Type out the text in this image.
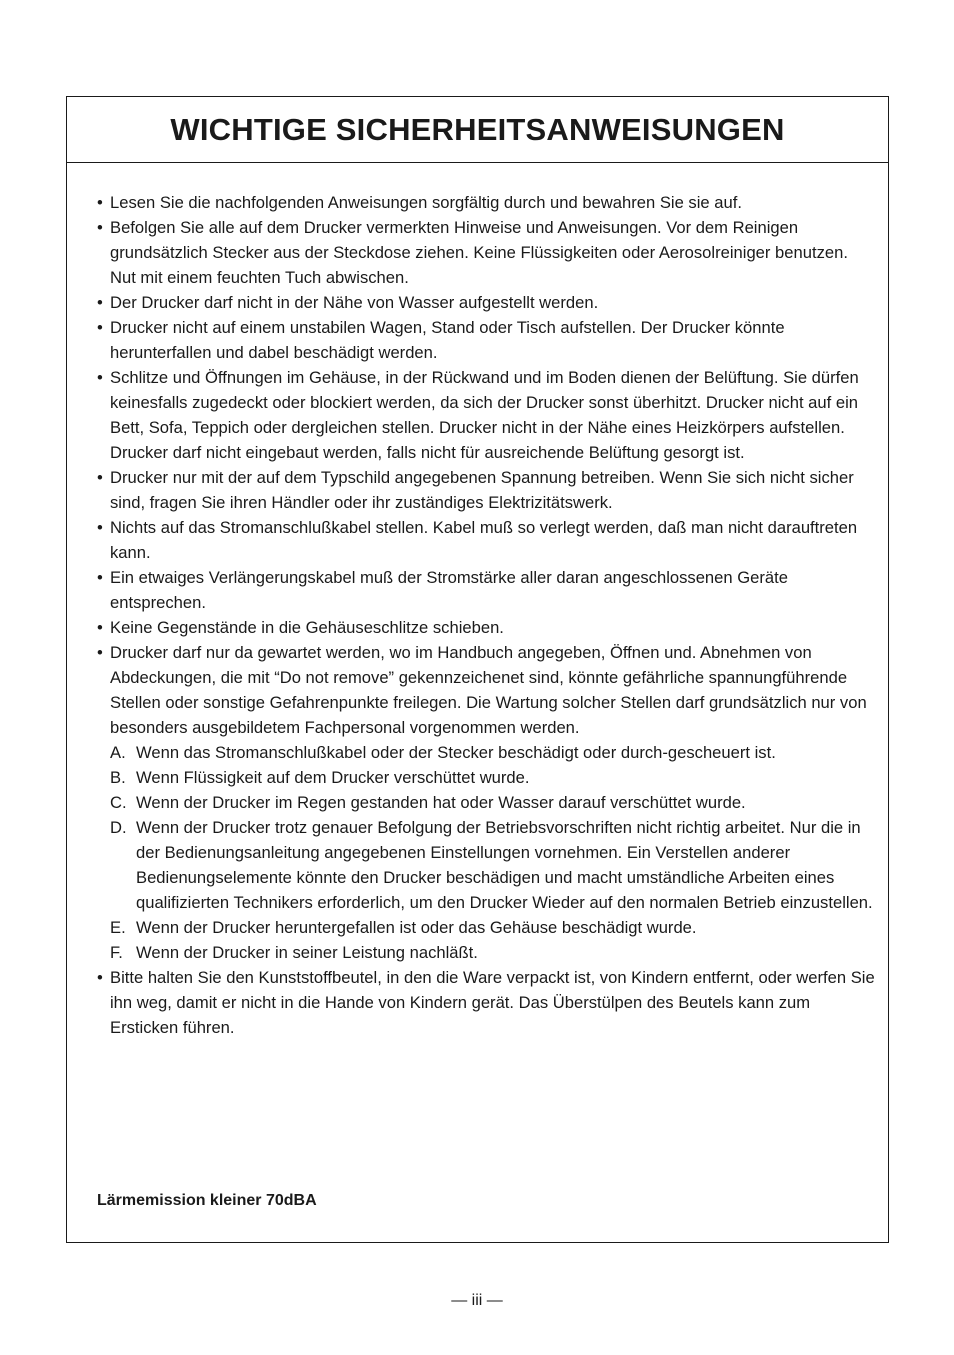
WICHTIGE SICHERHEITSANWEISUNGEN
• Lesen Sie die nachfolgenden Anweisungen sorgfältig durch und bewahren Sie sie auf.
• Befolgen Sie alle auf dem Drucker vermerkten Hinweise und Anweisungen. Vor dem Reinigen grundsätzlich Stecker aus der Steckdose ziehen. Keine Flüssigkeiten oder Aerosolreiniger benutzen. Nut mit einem feuchten Tuch abwischen.
• Der Drucker darf nicht in der Nähe von Wasser aufgestellt werden.
• Drucker nicht auf einem unstabilen Wagen, Stand oder Tisch aufstellen. Der Drucker könnte herunterfallen und dabel beschädigt werden.
• Schlitze und Öffnungen im Gehäuse, in der Rückwand und im Boden dienen der Belüftung. Sie dürfen keinesfalls zugedeckt oder blockiert werden, da sich der Drucker sonst überhitzt. Drucker nicht auf ein Bett, Sofa, Teppich oder dergleichen stellen. Drucker nicht in der Nähe eines Heizkörpers aufstellen. Drucker darf nicht eingebaut werden, falls nicht für ausreichende Belüftung gesorgt ist.
• Drucker nur mit der auf dem Typschild angegebenen Spannung betreiben. Wenn Sie sich nicht sicher sind, fragen Sie ihren Händler oder ihr zuständiges Elektrizitätswerk.
• Nichts auf das Stromanschlußkabel stellen. Kabel muß so verlegt werden, daß man nicht darauftreten kann.
• Ein etwaiges Verlängerungskabel muß der Stromstärke aller daran angeschlossenen Geräte entsprechen.
• Keine Gegenstände in die Gehäuseschlitze schieben.
• Drucker darf nur da gewartet werden, wo im Handbuch angegeben, Öffnen und. Abnehmen von Abdeckungen, die mit “Do not remove” gekennzeichenet sind, könnte gefährliche spannungführende Stellen oder sonstige Gefahrenpunkte freilegen. Die Wartung solcher Stellen darf grundsätzlich nur von besonders ausgebildetem Fachpersonal vorgenommen werden.
A. Wenn das Stromanschlußkabel oder der Stecker beschädigt oder durch-gescheuert ist.
B. Wenn Flüssigkeit auf dem Drucker verschüttet wurde.
C. Wenn der Drucker im Regen gestanden hat oder Wasser darauf verschüttet wurde.
D. Wenn der Drucker trotz genauer Befolgung der Betriebsvorschriften nicht richtig arbeitet. Nur die in der Bedienungsanleitung angegebenen Einstellungen vornehmen. Ein Verstellen anderer Bedienungselemente könnte den Drucker beschädigen und macht umständliche Arbeiten eines qualifizierten Technikers erforderlich, um den Drucker Wieder auf den normalen Betrieb einzustellen.
E. Wenn der Drucker heruntergefallen ist oder das Gehäuse beschädigt wurde.
F. Wenn der Drucker in seiner Leistung nachläßt.
• Bitte halten Sie den Kunststoffbeutel, in den die Ware verpackt ist, von Kindern entfernt, oder werfen Sie ihn weg, damit er nicht in die Hande von Kindern gerät. Das Überstülpen des Beutels kann zum Ersticken führen.
Lärmemission kleiner 70dBA
— iii —
